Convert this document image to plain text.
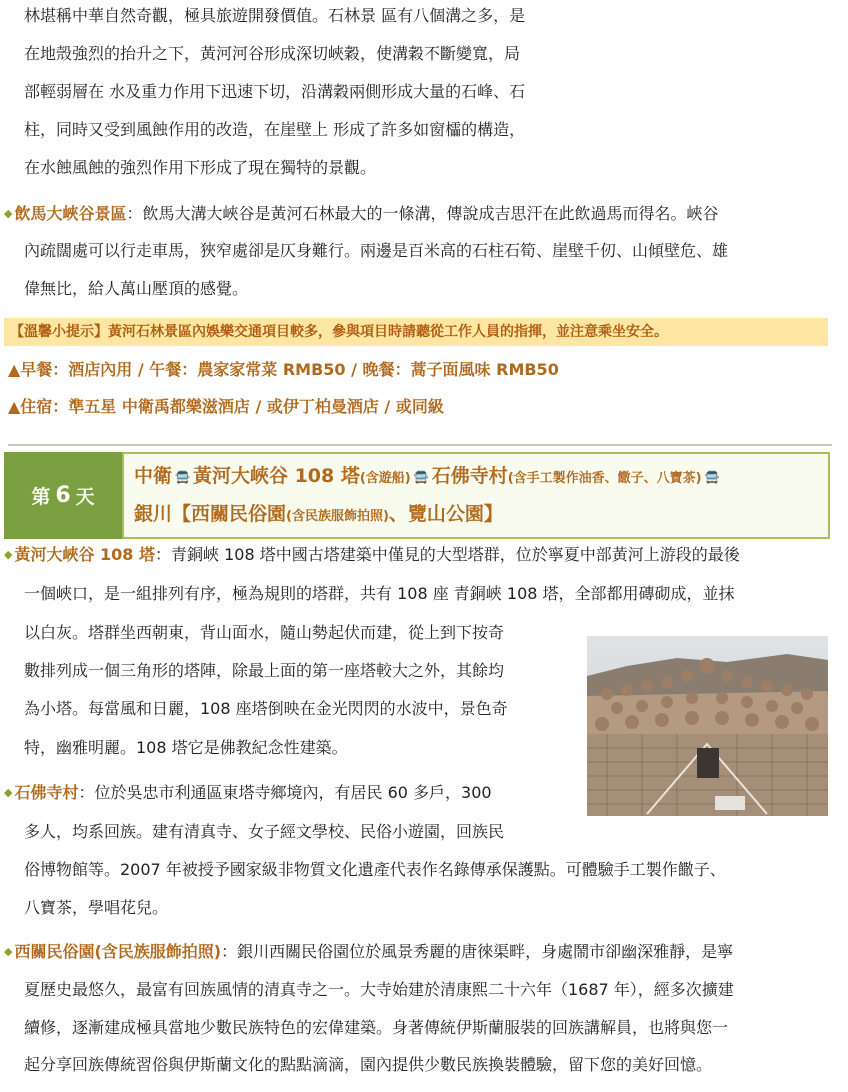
林堪稱中華自然奇觀，極具旅遊開發價值。石林景 區有八個溝之多，是
在地殼強烈的抬升之下，黃河河谷形成深切峽穀，使溝穀不斷變寬，局
部輕弱層在 水及重力作用下迅速下切，沿溝穀兩側形成大量的石峰、石
柱，同時又受到風蝕作用的改造，在崖壁上 形成了許多如窗櫺的構造，
在水蝕風蝕的強烈作用下形成了現在獨特的景觀。
◆ 飲馬大峽谷景區：飲馬大溝大峽谷是黃河石林最大的一條溝，傳說成吉思汗在此飲過馬而得名。峽谷
內疏闊處可以行走車馬，狹窄處卻是仄身難行。兩邊是百米高的石柱石筍、崖壁千仞、山傾壁危、雄
偉無比，給人萬山壓頂的感覺。
【溫馨小提示】黃河石林景區內娛樂交通項目較多，參與項目時請聽從工作人員的指揮，並注意乘坐安全。
▲早餐：酒店內用 / 午餐：農家家常菜 RMB50 / 晚餐：蒿子面風味 RMB50
▲住宿：準五星 中衛禹都樂滋酒店 / 或伊丁柏曼酒店 / 或同級
第 6 天
中衛 🚍 黃河大峽谷 108 塔(含遊船) 🚍 石佛寺村(含手工製作油香、饊子、八寶茶) 🚍
銀川【西關民俗園(含民族服飾拍照)、覽山公園】
◆ 黃河大峽谷 108 塔：青銅峽 108 塔中國古塔建築中僅見的大型塔群，位於寧夏中部黃河上游段的最後
一個峽口，是一組排列有序，極為規則的塔群，共有 108 座 青銅峽 108 塔，全部都用磚砌成，並抹
以白灰。塔群坐西朝東，背山面水，隨山勢起伏而建，從上到下按奇
數排列成一個三角形的塔陣，除最上面的第一座塔較大之外，其餘均
為小塔。每當風和日麗，108 座塔倒映在金光閃閃的水波中，景色奇
特，幽雅明麗。108 塔它是佛教紀念性建築。
◆ 石佛寺村：位於吳忠市利通區東塔寺鄉境內，有居民 60 多戶，300
多人，均系回族。建有清真寺、女子經文學校、民俗小遊園，回族民
俗博物館等。2007 年被授予國家級非物質文化遺產代表作名錄傳承保護點。可體驗手工製作饊子、
八寶茶，學唱花兒。
◆ 西關民俗園(含民族服飾拍照)：銀川西關民俗園位於風景秀麗的唐徠渠畔，身處鬧市卻幽深雅靜，是寧
夏歷史最悠久，最富有回族風情的清真寺之一。大寺始建於清康熙二十六年（1687 年），經多次擴建
續修，逐漸建成極具當地少數民族特色的宏偉建築。身著傳統伊斯蘭服裝的回族講解員，也將與您一
起分享回族傳統習俗與伊斯蘭文化的點點滴滴，園內提供少數民族換裝體驗，留下您的美好回憶。
